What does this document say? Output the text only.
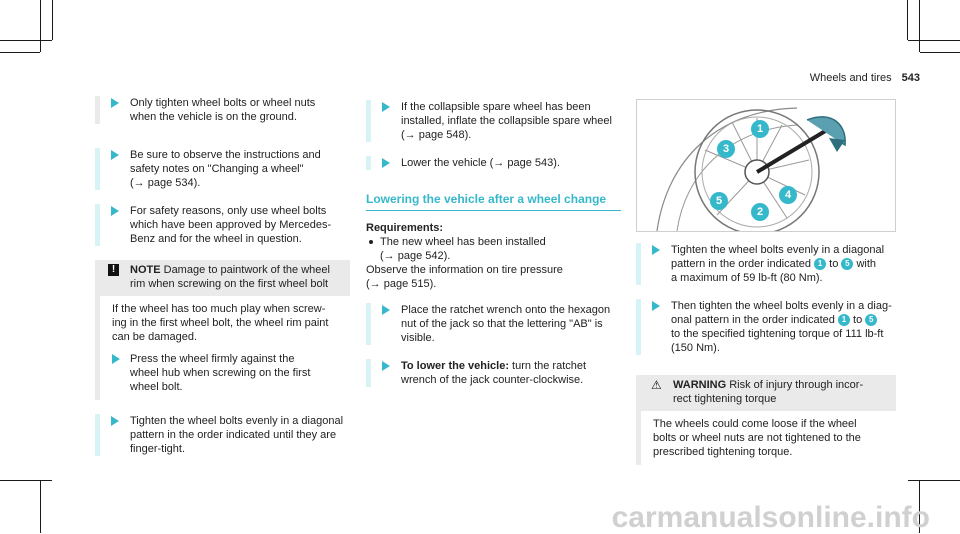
Wheels and tires 543

Only tighten wheel bolts or wheel nuts

when the vehicle is on the ground.

Be sure to observe the instructions and

safety notes on "Changing a wheel"

(→ page 534).

For safety reasons, only use wheel bolts

which have been approved by Mercedes-

Benz and for the wheel in question.

!	NOTE Damage to paintwork of the wheel

rim when screwing on the first wheel bolt

If the wheel has too much play when screw-

ing in the first wheel bolt, the wheel rim paint

can be damaged.

Press the wheel firmly against the

wheel hub when screwing on the first

wheel bolt.

Tighten the wheel bolts evenly in a diagonal

pattern in the order indicated until they are

finger-tight.

If the collapsible spare wheel has been

installed, inflate the collapsible spare wheel

(→ page 548).

Lower the vehicle (→ page 543).

Lowering the vehicle after a wheel change

Requirements:

The new wheel has been installed

(→ page 542).

Observe the information on tire pressure

(→ page 515).

Place the ratchet wrench onto the hexagon

nut of the jack so that the lettering "AB" is

visible.

To lower the vehicle: turn the ratchet

wrench of the jack counter-clockwise.

1
2
3
4
5

Tighten the wheel bolts evenly in a diagonal

pattern in the order indicated 1 to 5 with

a maximum of 59 lb-ft (80 Nm).

Then tighten the wheel bolts evenly in a diag-

onal pattern in the order indicated 1 to 5

to the specified tightening torque of 111 lb-ft

(150 Nm).

⚠ WARNING Risk of injury through incor-

rect tightening torque

The wheels could come loose if the wheel

bolts or wheel nuts are not tightened to the

prescribed tightening torque.

carmanualsonline.info
